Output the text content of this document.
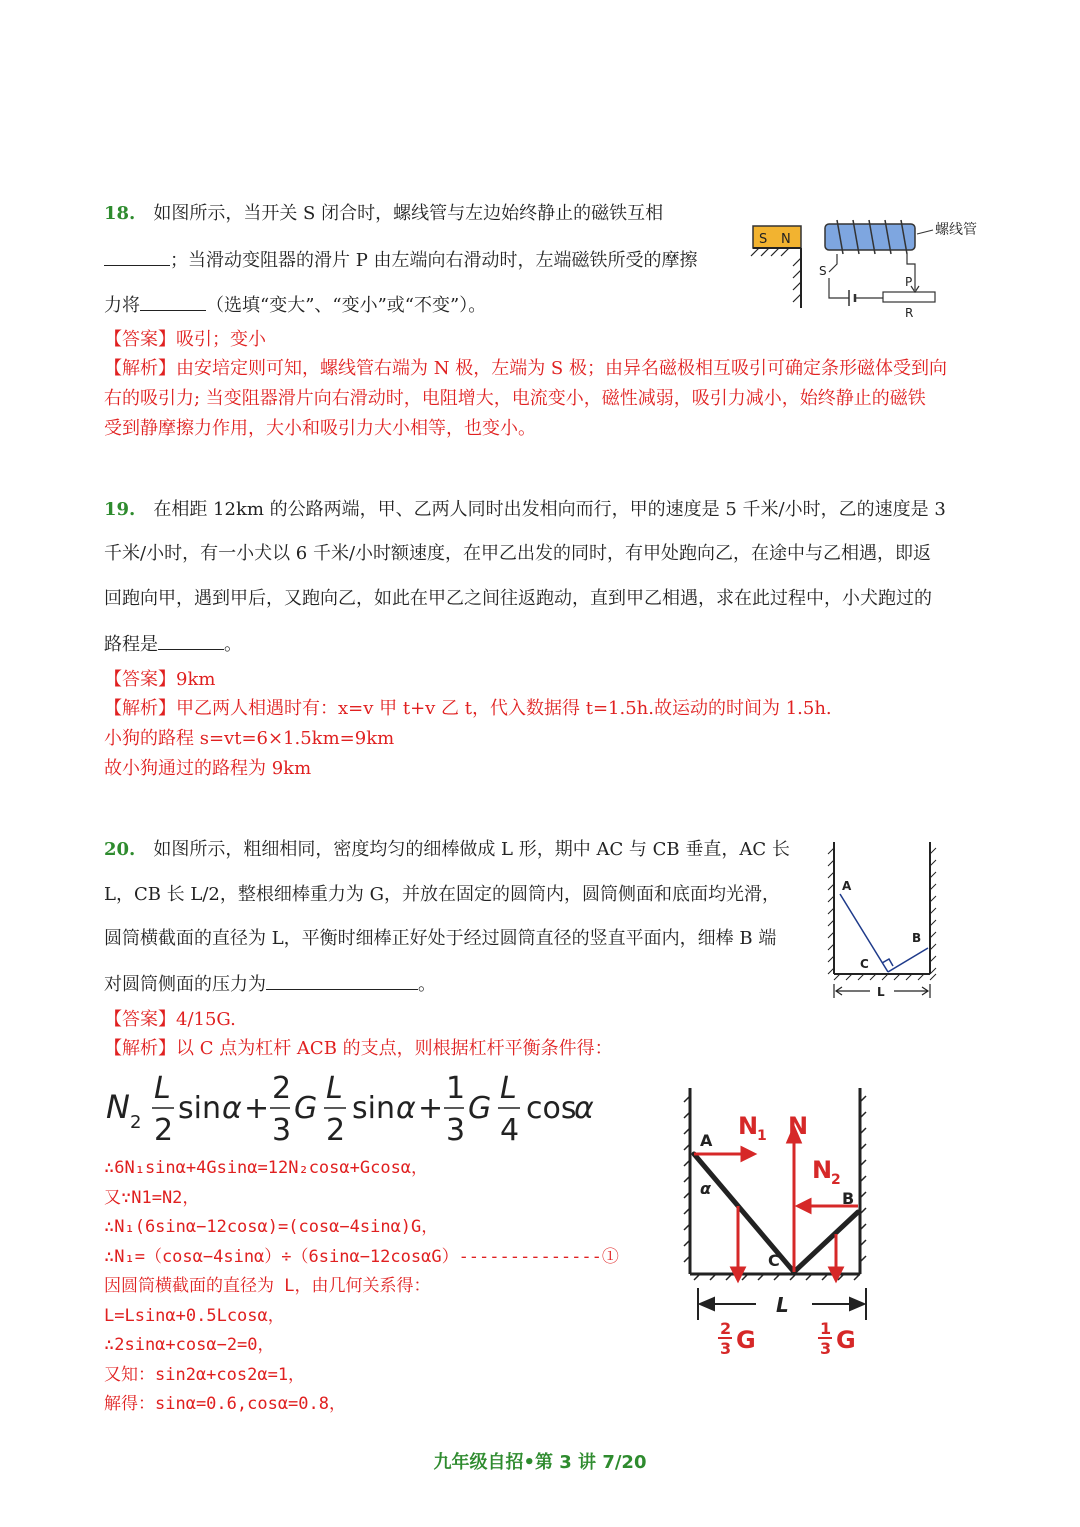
18. 如图所示，当开关 S 闭合时，螺线管与左边始终静止的磁铁互相
；当滑动变阻器的滑片 P 由左端向右滑动时，左端磁铁所受的摩擦
力将	（选填“变大”、“变小”或“不变”）。
【答案】吸引；变小
【解析】由安培定则可知，螺线管右端为 N 极，左端为 S 极；由异名磁极相互吸引可确定条形磁体受到向
右的吸引力; 当变阻器滑片向右滑动时，电阻增大，电流变小，磁性减弱，吸引力减小，始终静止的磁铁
受到静摩擦力作用，大小和吸引力大小相等，也变小。
S N
螺线管
S
P
R
19. 在相距 12km 的公路两端，甲、乙两人同时出发相向而行，甲的速度是 5 千米/小时，乙的速度是 3
千米/小时，有一小犬以 6 千米/小时额速度，在甲乙出发的同时，有甲处跑向乙，在途中与乙相遇，即返
回跑向甲，遇到甲后，又跑向乙，如此在甲乙之间往返跑动，直到甲乙相遇，求在此过程中，小犬跑过的
路程是	。
【答案】9km
【解析】甲乙两人相遇时有：x=v 甲 t+v 乙 t，代入数据得 t=1.5h.故运动的时间为 1.5h.
小狗的路程 s=vt=6×1.5km=9km
故小狗通过的路程为 9km
20. 如图所示，粗细相同，密度均匀的细棒做成 L 形，期中 AC 与 CB 垂直，AC 长
L，CB 长 L/2，整根细棒重力为 G，并放在固定的圆筒内，圆筒侧面和底面均光滑，
圆筒横截面的直径为 L，平衡时细棒正好处于经过圆筒直径的竖直平面内，细棒 B 端
对圆筒侧面的压力为	。
【答案】4/15G.
【解析】以 C 点为杠杆 ACB 的支点，则根据杠杆平衡条件得：
N 2
L
2
sin α +
2
3
G
L
2
sin α +
1
3
G
L
4
cos
α
∴6N₁sinα+4Gsinα=12N₂cosα+Gcosα，
又∵N1=N2，
∴N₁(6sinα−12cosα)=(cosα−4sinα)G，
∴N₁=（cosα−4sinα）÷（6sinα−12cosαG）--------------①
因圆筒横截面的直径为 L，由几何关系得：
L=Lsinα+0.5Lcosα，
∴2sinα+cosα−2=0，
又知：sin2α+cos2α=1，
解得：sinα=0.6,cosα=0.8，
A
B
C
L
A
B
C
α
N
1 N
N
2
L
2
3 G	1
3 G
九年级自招•第 3 讲 7/20
